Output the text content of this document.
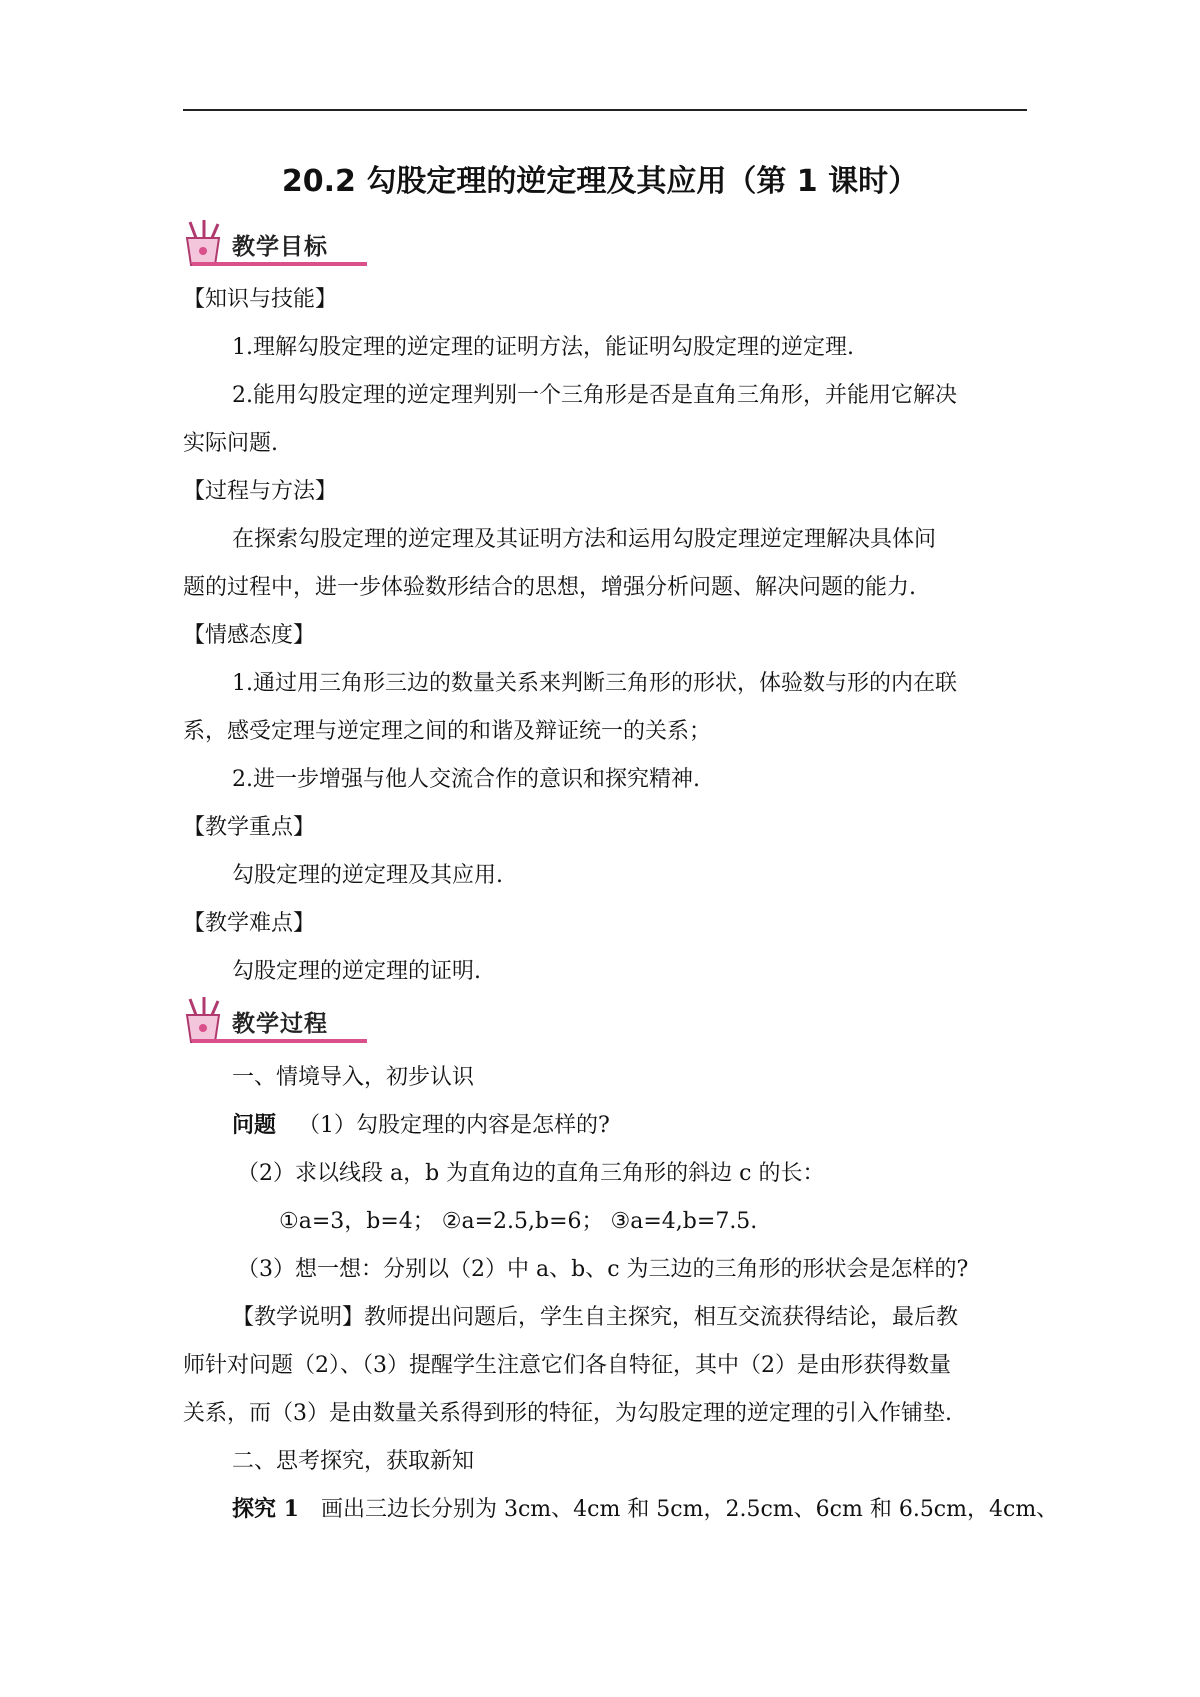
20.2 勾股定理的逆定理及其应用（第 1 课时）
教学目标
【知识与技能】
1.理解勾股定理的逆定理的证明方法，能证明勾股定理的逆定理.
2.能用勾股定理的逆定理判别一个三角形是否是直角三角形，并能用它解决
实际问题.
【过程与方法】
在探索勾股定理的逆定理及其证明方法和运用勾股定理逆定理解决具体问
题的过程中，进一步体验数形结合的思想，增强分析问题、解决问题的能力.
【情感态度】
1.通过用三角形三边的数量关系来判断三角形的形状，体验数与形的内在联
系，感受定理与逆定理之间的和谐及辩证统一的关系；
2.进一步增强与他人交流合作的意识和探究精神.
【教学重点】
勾股定理的逆定理及其应用.
【教学难点】
勾股定理的逆定理的证明.
教学过程
一、情境导入，初步认识
问题 （1）勾股定理的内容是怎样的?
（2）求以线段 a，b 为直角边的直角三角形的斜边 c 的长：
①a=3，b=4； ②a=2.5,b=6； ③a=4,b=7.5.
（3）想一想：分别以（2）中 a、b、c 为三边的三角形的形状会是怎样的?
【教学说明】教师提出问题后，学生自主探究，相互交流获得结论，最后教
师针对问题（2）、（3）提醒学生注意它们各自特征，其中（2）是由形获得数量
关系，而（3）是由数量关系得到形的特征，为勾股定理的逆定理的引入作铺垫.
二、思考探究，获取新知
探究 1 画出三边长分别为 3cm、4cm 和 5cm，2.5cm、6cm 和 6.5cm，4cm、
